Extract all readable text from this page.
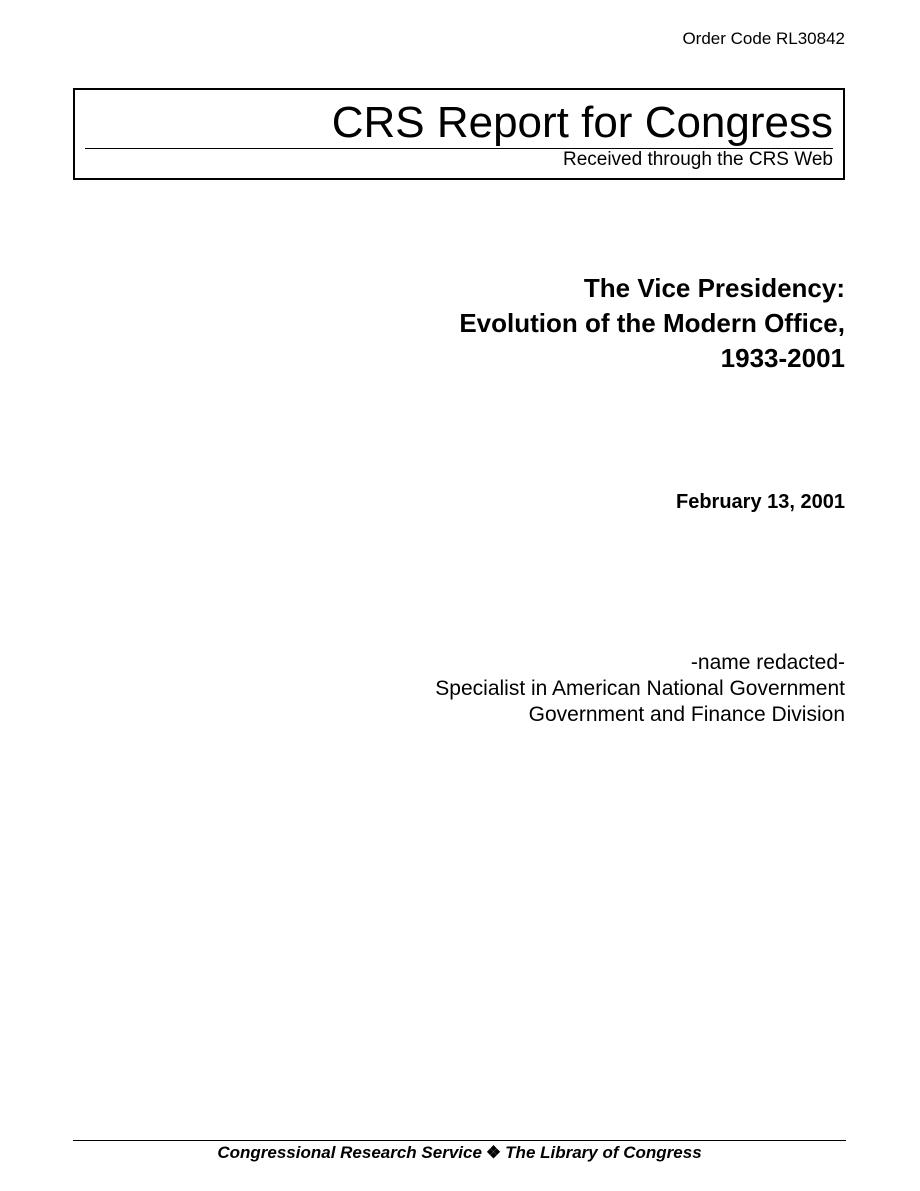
Order Code RL30842
CRS Report for Congress
Received through the CRS Web
The Vice Presidency:
Evolution of the Modern Office,
1933-2001
February 13, 2001
-name redacted-
Specialist in American National Government
Government and Finance Division
Congressional Research Service ❖ The Library of Congress
